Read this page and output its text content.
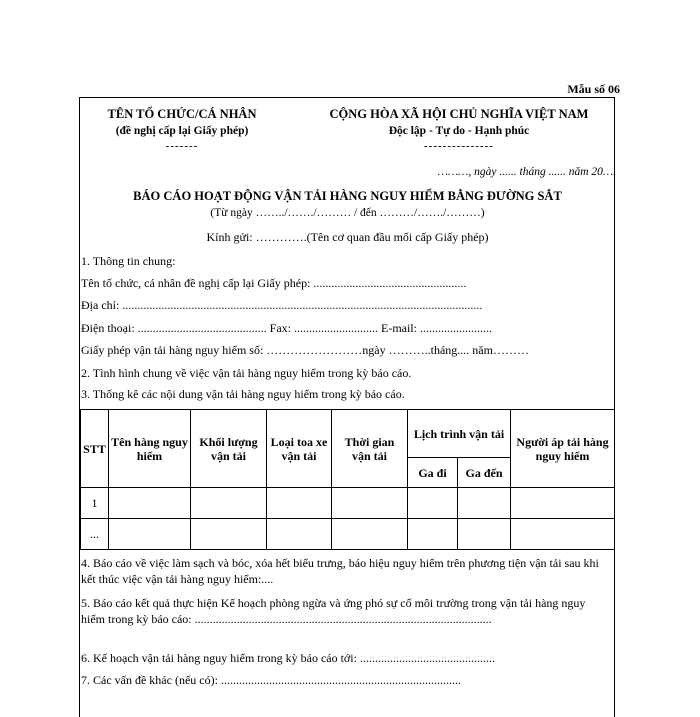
Mẫu số 06
TÊN TỔ CHỨC/CÁ NHÂN
(đề nghị cấp lại Giấy phép)
-------
CỘNG HÒA XÃ HỘI CHỦ NGHĨA VIỆT NAM
Độc lập - Tự do - Hạnh phúc
---------------
………, ngày ...... tháng ...... năm 20….
BÁO CÁO HOẠT ĐỘNG VẬN TẢI HÀNG NGUY HIỂM BẰNG ĐƯỜNG SẮT
(Từ ngày ……../……./……… / đến ………/……./………)
Kính gửi: ………….(Tên cơ quan đầu mối cấp Giấy phép)
1. Thông tin chung:
Tên tổ chức, cá nhân đề nghị cấp lại Giấy phép: ...................................................
Địa chỉ: ........................................................................................................................
Điện thoại: ........................................... Fax: ............................ E-mail: ........................
Giấy phép vận tải hàng nguy hiểm số: ……………………ngày ………..tháng.... năm………
2. Tình hình chung về việc vận tải hàng nguy hiểm trong kỳ báo cáo.
3. Thống kê các nội dung vận tải hàng nguy hiểm trong kỳ báo cáo.
STT	Tên hàng nguy hiểm	Khối lượng vận tải	Loại toa xe vận tải	Thời gian vận tải	Lịch trình vận tải		Người áp tải hàng nguy hiểm
					Ga đi	Ga đến	
1							
...							
4. Báo cáo về việc làm sạch và bóc, xóa hết biểu trưng, báo hiệu nguy hiểm trên phương tiện vận tải sau khi kết thúc việc vận tải hàng nguy hiểm:....
5. Báo cáo kết quả thực hiện Kế hoạch phòng ngừa và ứng phó sự cố môi trường trong vận tải hàng nguy hiểm trong kỳ báo cáo: ...................................................................................................
6. Kế hoạch vận tải hàng nguy hiểm trong kỳ báo cáo tới: .............................................
7. Các vấn đề khác (nếu có): ................................................................................
